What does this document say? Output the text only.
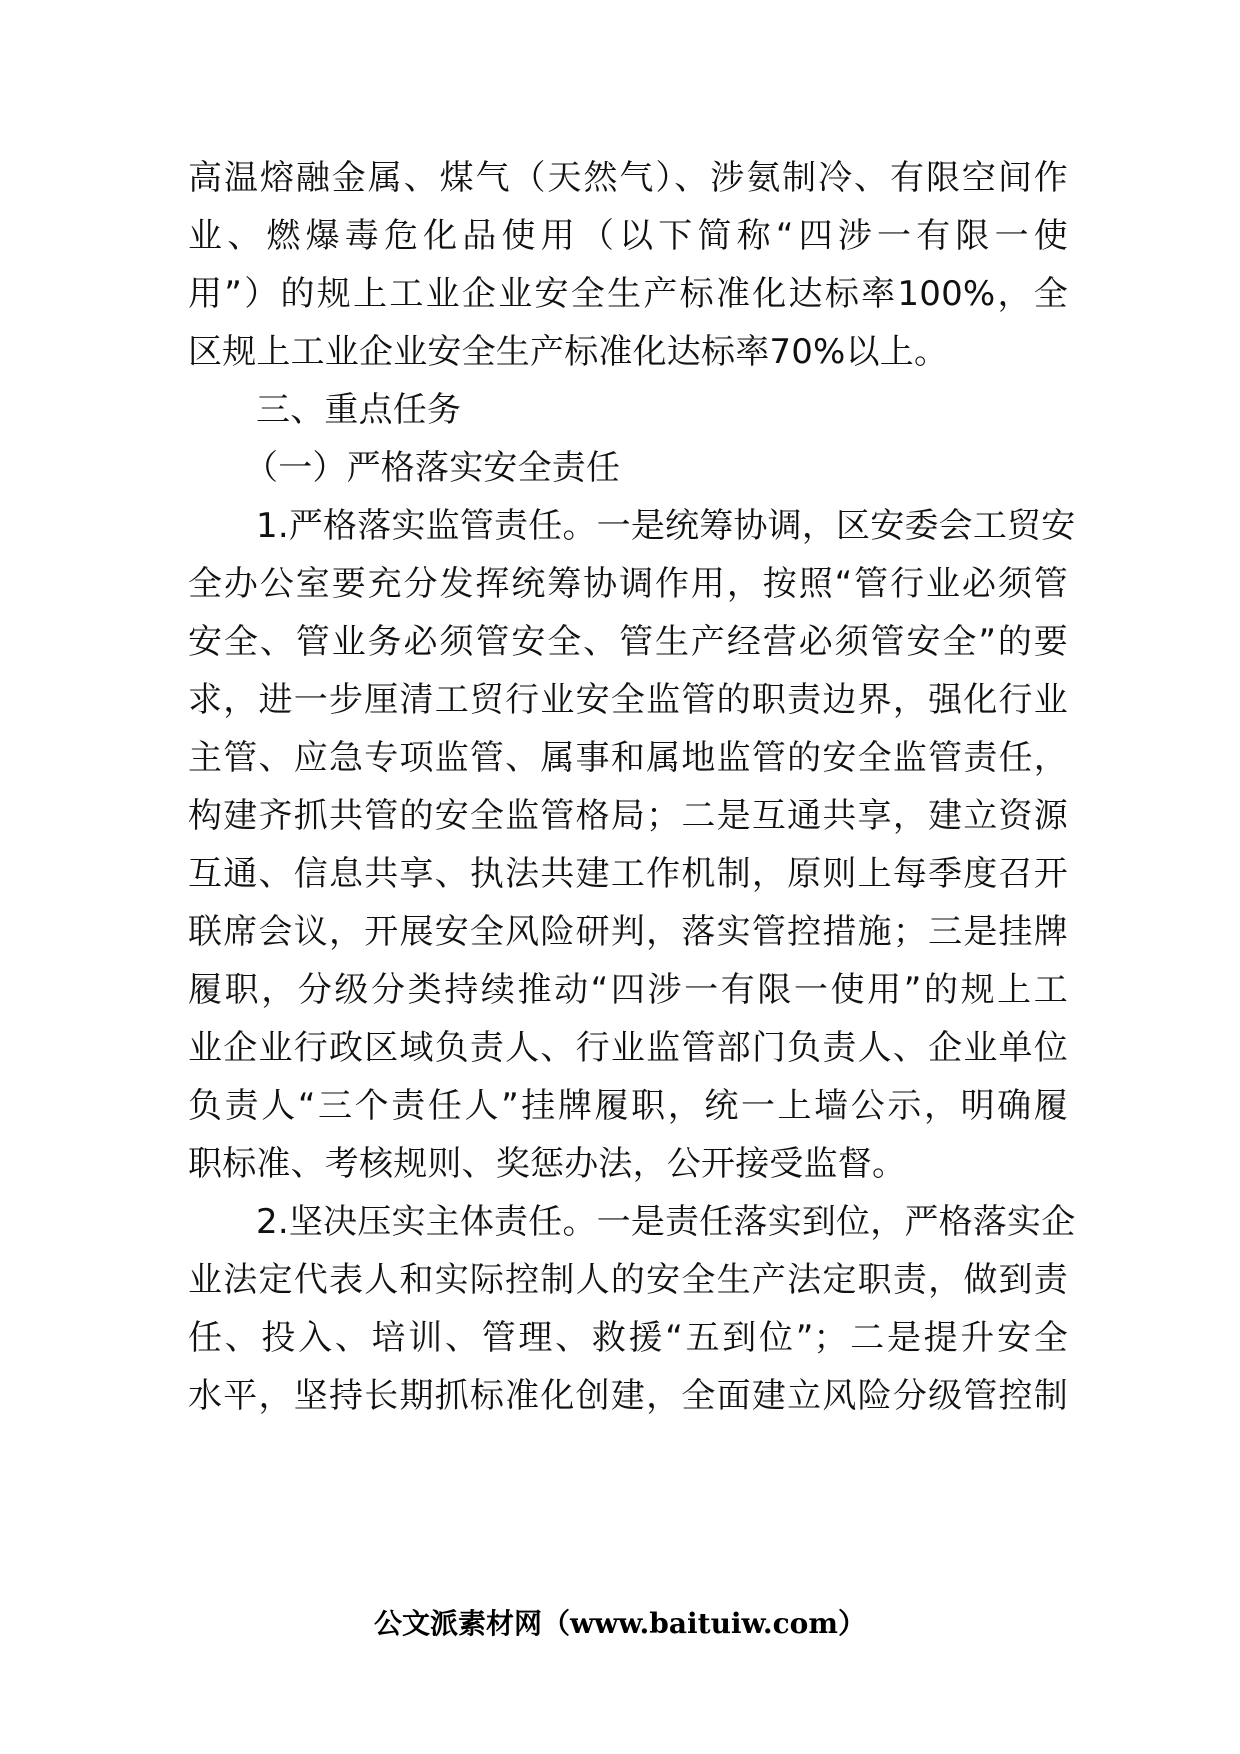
高温熔融金属、煤气（天然气）、涉氨制冷、有限空间作
业、燃爆毒危化品使用（以下简称“四涉一有限一使
用”）的规上工业企业安全生产标准化达标率100%，全
区规上工业企业安全生产标准化达标率70%以上。
三、重点任务
（一）严格落实安全责任
1.严格落实监管责任。一是统筹协调，区安委会工贸安
全办公室要充分发挥统筹协调作用，按照“管行业必须管
安全、管业务必须管安全、管生产经营必须管安全”的要
求，进一步厘清工贸行业安全监管的职责边界，强化行业
主管、应急专项监管、属事和属地监管的安全监管责任，
构建齐抓共管的安全监管格局；二是互通共享，建立资源
互通、信息共享、执法共建工作机制，原则上每季度召开
联席会议，开展安全风险研判，落实管控措施；三是挂牌
履职，分级分类持续推动“四涉一有限一使用”的规上工
业企业行政区域负责人、行业监管部门负责人、企业单位
负责人“三个责任人”挂牌履职，统一上墙公示，明确履
职标准、考核规则、奖惩办法，公开接受监督。
2.坚决压实主体责任。一是责任落实到位，严格落实企
业法定代表人和实际控制人的安全生产法定职责，做到责
任、投入、培训、管理、救援“五到位”；二是提升安全
水平，坚持长期抓标准化创建，全面建立风险分级管控制
公文派素材网（www.baituiw.com）
